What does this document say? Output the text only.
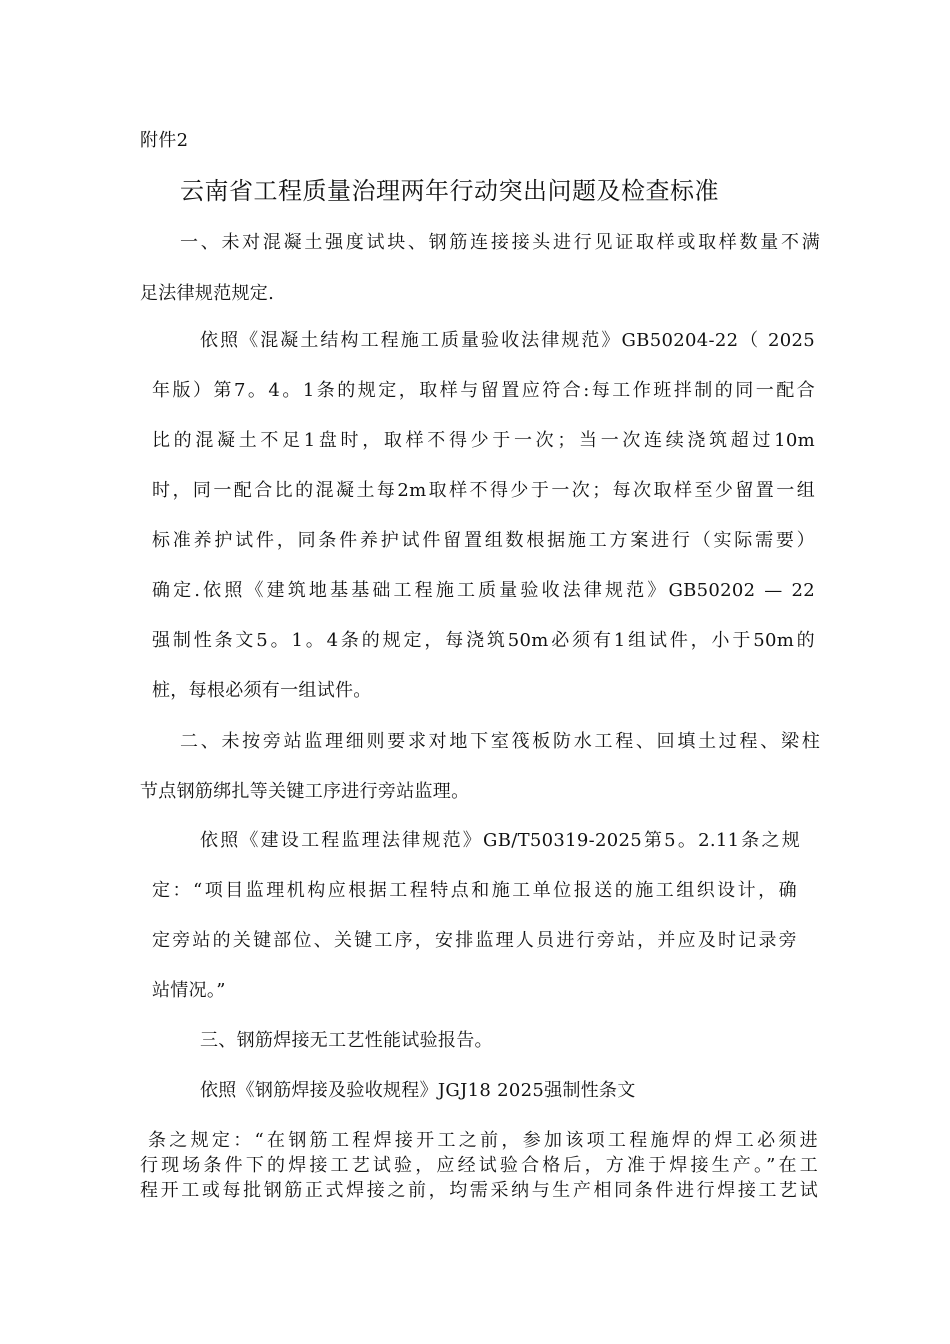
附件2
云南省工程质量治理两年行动突出问题及检查标准
一、未对混凝土强度试块、钢筋连接接头进行见证取样或取样数量不满
足法律规范规定.
依照《混凝土结构工程施工质量验收法律规范》GB50204-22（ 2025
年版）第7。4。1条的规定，取样与留置应符合:每工作班拌制的同一配合
比的混凝土不足1盘时，取样不得少于一次；当一次连续浇筑超过10m
时，同一配合比的混凝土每2m取样不得少于一次；每次取样至少留置一组
标准养护试件，同条件养护试件留置组数根据施工方案进行（实际需要）
确定.依照《建筑地基基础工程施工质量验收法律规范》GB50202 — 22
强制性条文5。1。4条的规定，每浇筑50m必须有1组试件，小于50m的
桩，每根必须有一组试件。
二、未按旁站监理细则要求对地下室筏板防水工程、回填土过程、梁柱
节点钢筋绑扎等关键工序进行旁站监理。
依照《建设工程监理法律规范》GB/T50319-2025第5。2.11条之规
定：“项目监理机构应根据工程特点和施工单位报送的施工组织设计，确
定旁站的关键部位、关键工序，安排监理人员进行旁站，并应及时记录旁
站情况。”
三、钢筋焊接无工艺性能试验报告。
依照《钢筋焊接及验收规程》JGJ18 2025强制性条文
条之规定：“在钢筋工程焊接开工之前，参加该项工程施焊的焊工必须进
行现场条件下的焊接工艺试验，应经试验合格后，方准于焊接生产。”在工
程开工或每批钢筋正式焊接之前，均需采纳与生产相同条件进行焊接工艺试
